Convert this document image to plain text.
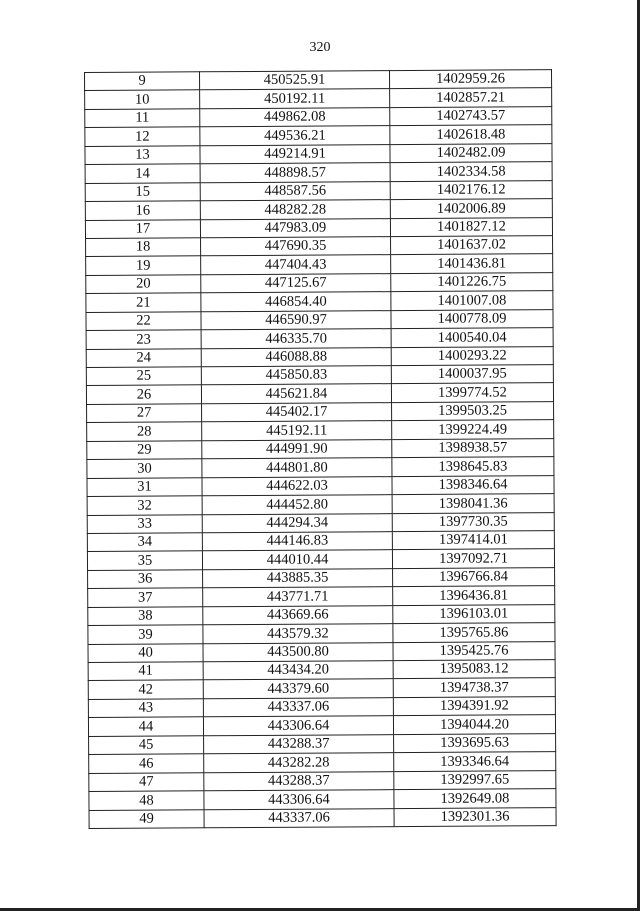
320
9	450525.91	1402959.26
10	450192.11	1402857.21
11	449862.08	1402743.57
12	449536.21	1402618.48
13	449214.91	1402482.09
14	448898.57	1402334.58
15	448587.56	1402176.12
16	448282.28	1402006.89
17	447983.09	1401827.12
18	447690.35	1401637.02
19	447404.43	1401436.81
20	447125.67	1401226.75
21	446854.40	1401007.08
22	446590.97	1400778.09
23	446335.70	1400540.04
24	446088.88	1400293.22
25	445850.83	1400037.95
26	445621.84	1399774.52
27	445402.17	1399503.25
28	445192.11	1399224.49
29	444991.90	1398938.57
30	444801.80	1398645.83
31	444622.03	1398346.64
32	444452.80	1398041.36
33	444294.34	1397730.35
34	444146.83	1397414.01
35	444010.44	1397092.71
36	443885.35	1396766.84
37	443771.71	1396436.81
38	443669.66	1396103.01
39	443579.32	1395765.86
40	443500.80	1395425.76
41	443434.20	1395083.12
42	443379.60	1394738.37
43	443337.06	1394391.92
44	443306.64	1394044.20
45	443288.37	1393695.63
46	443282.28	1393346.64
47	443288.37	1392997.65
48	443306.64	1392649.08
49	443337.06	1392301.36
